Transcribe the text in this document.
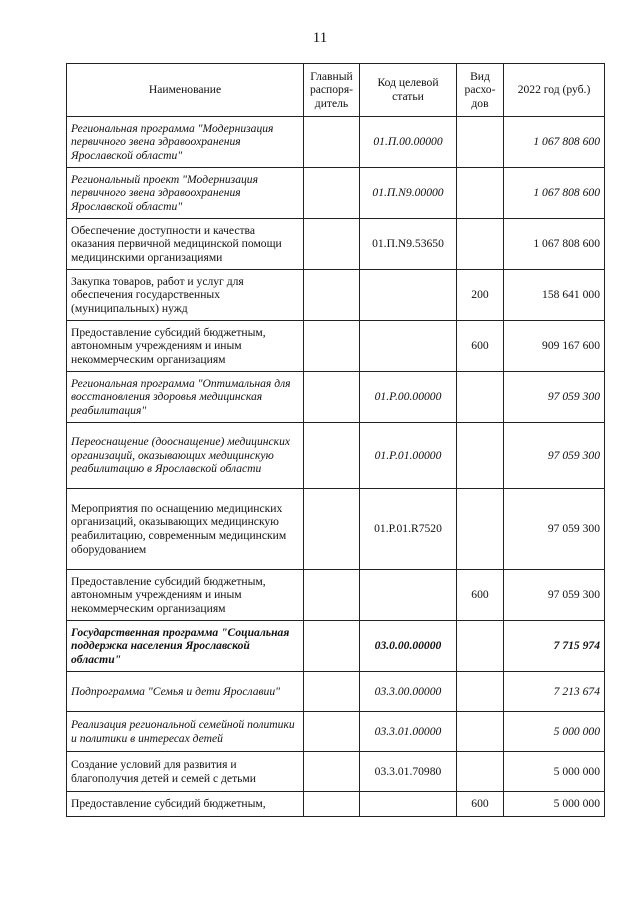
11
Наименование	Главный распоря-дитель	Код целевой статьи	Вид расхо-дов	2022 год (руб.)
Региональная программа "Модернизация первичного звена здравоохранения Ярославской области"		01.П.00.00000		1 067 808 600
Региональный проект "Модернизация первичного звена здравоохранения Ярославской области"		01.П.N9.00000		1 067 808 600
Обеспечение доступности и качества оказания первичной медицинской помощи медицинскими организациями		01.П.N9.53650		1 067 808 600
Закупка товаров, работ и услуг для обеспечения государственных (муниципальных) нужд			200	158 641 000
Предоставление субсидий бюджетным, автономным учреждениям и иным некоммерческим организациям			600	909 167 600
Региональная программа "Оптимальная для восстановления здоровья медицинская реабилитация"		01.Р.00.00000		97 059 300
Переоснащение (дооснащение) медицинских организаций, оказывающих медицинскую реабилитацию в Ярославской области		01.Р.01.00000		97 059 300
Мероприятия по оснащению медицинских организаций, оказывающих медицинскую реабилитацию, современным медицинским оборудованием		01.Р.01.R7520		97 059 300
Предоставление субсидий бюджетным, автономным учреждениям и иным некоммерческим организациям			600	97 059 300
Государственная программа "Социальная поддержка населения Ярославской области"		03.0.00.00000		7 715 974
Подпрограмма "Семья и дети Ярославии"		03.3.00.00000		7 213 674
Реализация региональной семейной политики и политики в интересах детей		03.3.01.00000		5 000 000
Создание условий для развития и благополучия детей и семей с детьми		03.3.01.70980		5 000 000
Предоставление субсидий бюджетным,			600	5 000 000
